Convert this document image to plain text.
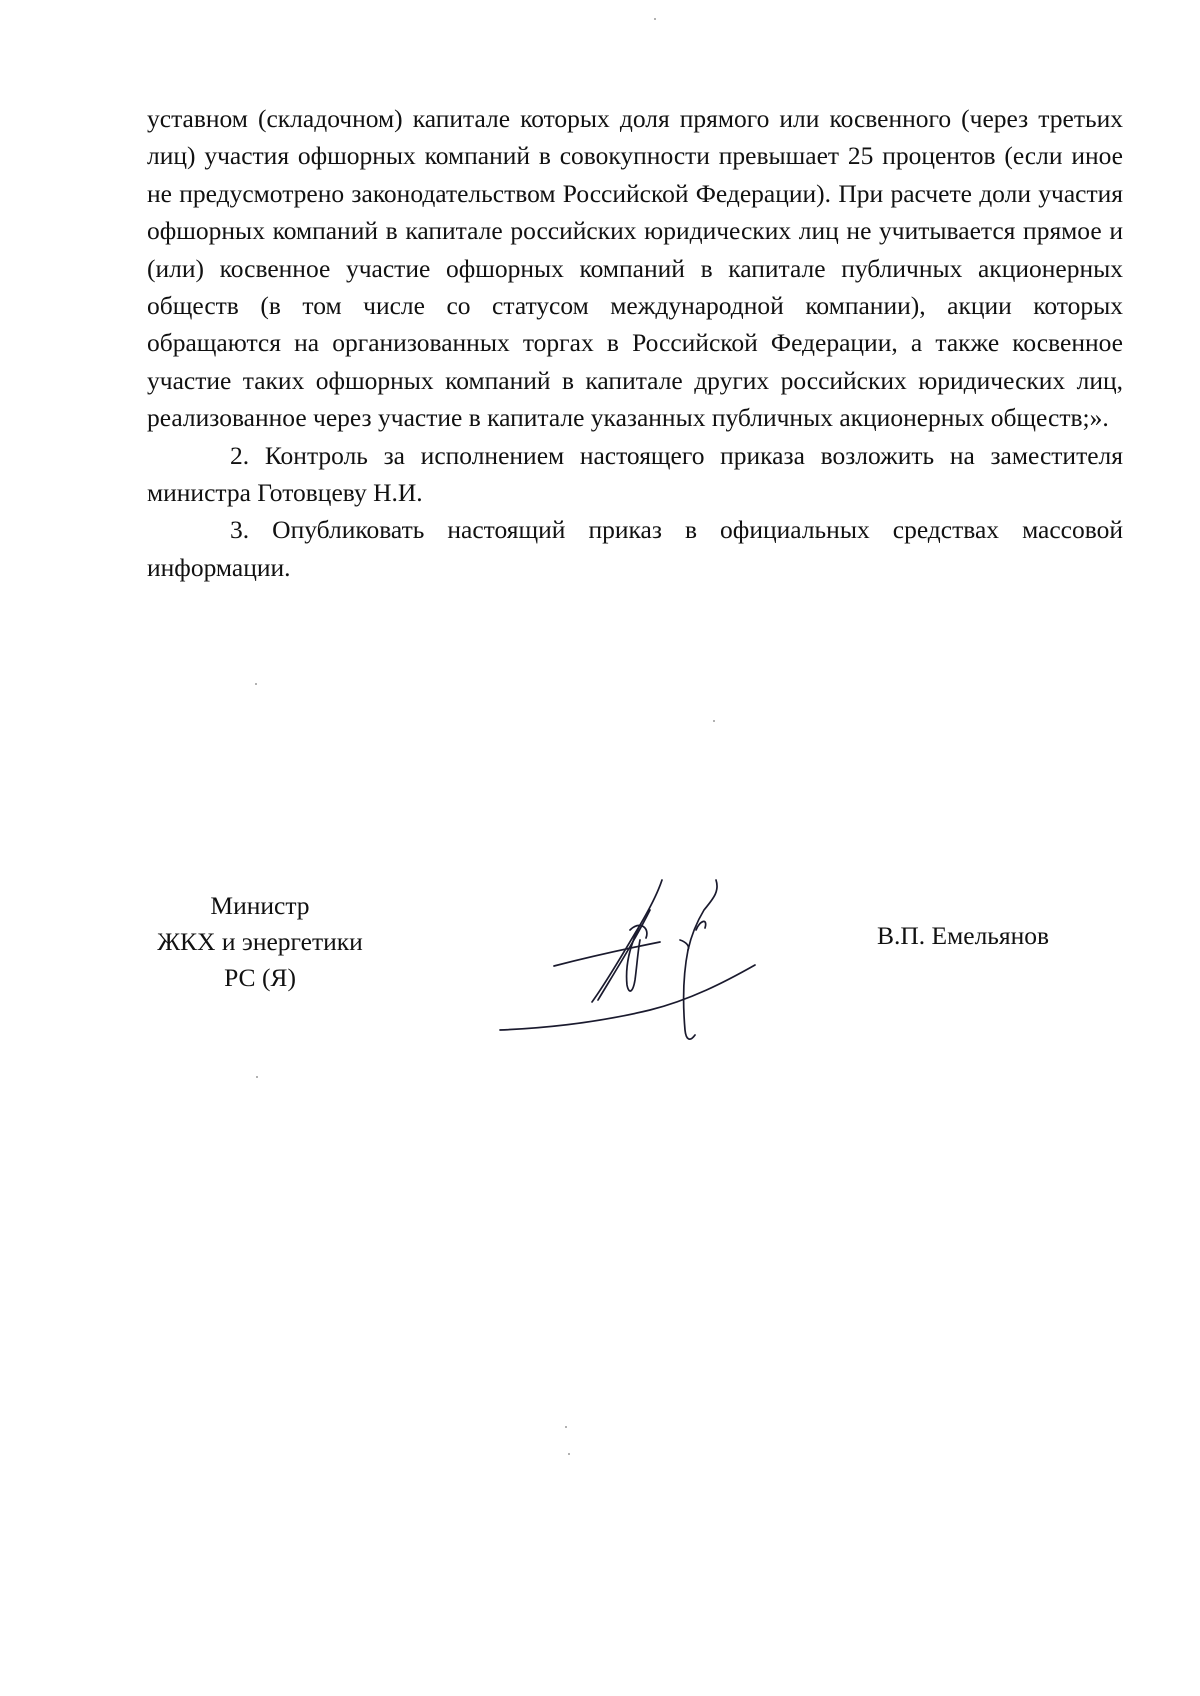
уставном (складочном) капитале которых доля прямого или косвенного (через третьих лиц) участия офшорных компаний в совокупности превышает 25 процентов (если иное не предусмотрено законодательством Российской Федерации). При расчете доли участия офшорных компаний в капитале российских юридических лиц не учитывается прямое и (или) косвенное участие офшорных компаний в капитале публичных акционерных обществ (в том числе со статусом международной компании), акции которых обращаются на организованных торгах в Российской Федерации, а также косвенное участие таких офшорных компаний в капитале других российских юридических лиц, реализованное через участие в капитале указанных публичных акционерных обществ;».

2. Контроль за исполнением настоящего приказа возложить на заместителя министра Готовцеву Н.И.

3. Опубликовать настоящий приказ в официальных средствах массовой информации.

Министр
ЖКХ и энергетики
РС (Я)
В.П. Емельянов
